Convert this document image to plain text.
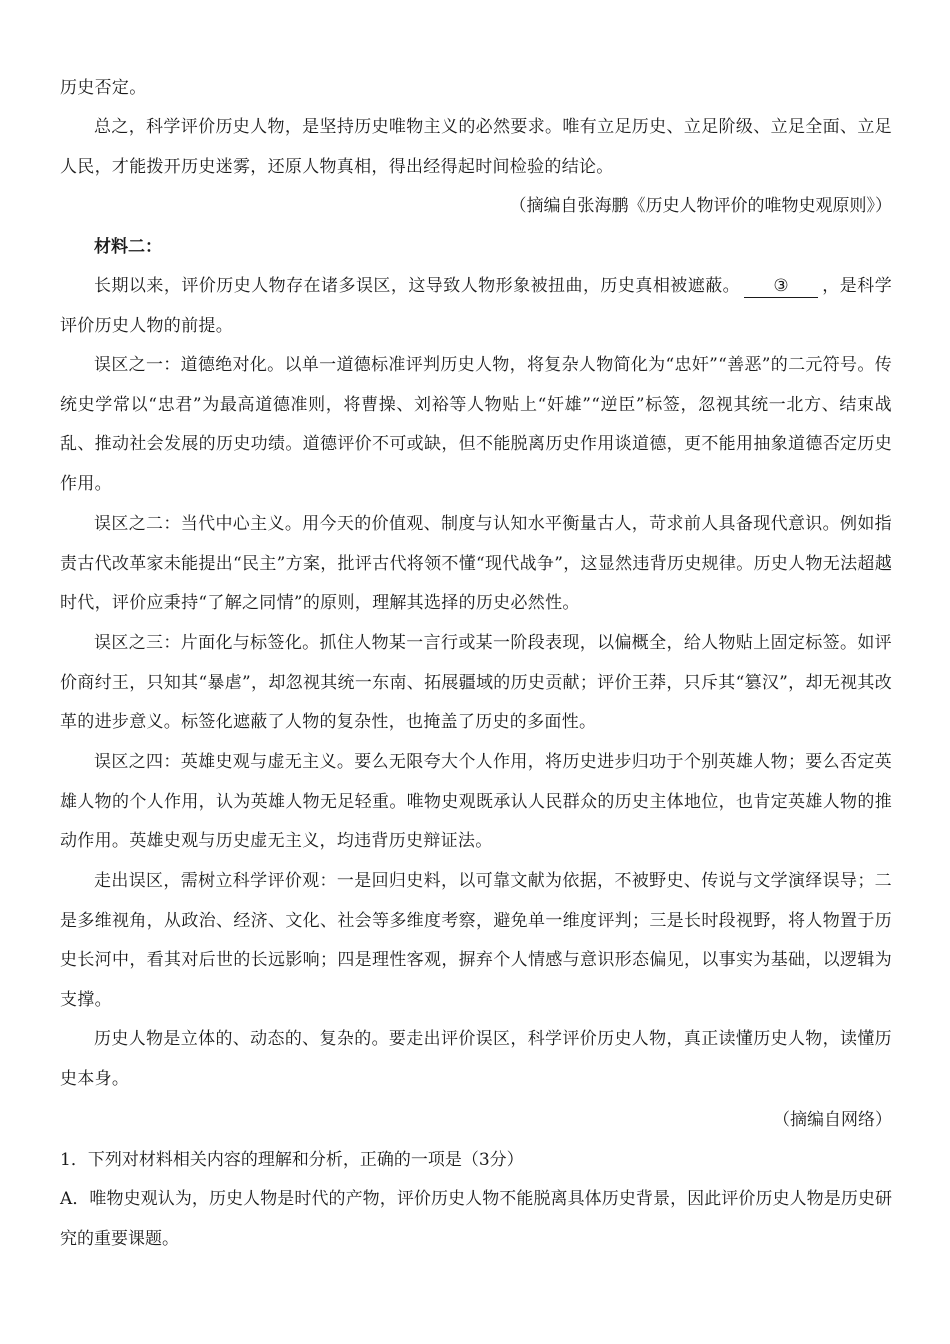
历史否定。

总之，科学评价历史人物，是坚持历史唯物主义的必然要求。唯有立足历史、立足阶级、立足全面、立足人民，才能拨开历史迷雾，还原人物真相，得出经得起时间检验的结论。

（摘编自张海鹏《历史人物评价的唯物史观原则》）

材料二：

长期以来，评价历史人物存在诸多误区，这导致人物形象被扭曲，历史真相被遮蔽。 ③ ，是科学评价历史人物的前提。

误区之一：道德绝对化。以单一道德标准评判历史人物，将复杂人物简化为“忠奸”“善恶”的二元符号。传统史学常以“忠君”为最高道德准则，将曹操、刘裕等人物贴上“奸雄”“逆臣”标签，忽视其统一北方、结束战乱、推动社会发展的历史功绩。道德评价不可或缺，但不能脱离历史作用谈道德，更不能用抽象道德否定历史作用。

误区之二：当代中心主义。用今天的价值观、制度与认知水平衡量古人，苛求前人具备现代意识。例如指责古代改革家未能提出“民主”方案，批评古代将领不懂“现代战争”，这显然违背历史规律。历史人物无法超越时代，评价应秉持“了解之同情”的原则，理解其选择的历史必然性。

误区之三：片面化与标签化。抓住人物某一言行或某一阶段表现，以偏概全，给人物贴上固定标签。如评价商纣王，只知其“暴虐”，却忽视其统一东南、拓展疆域的历史贡献；评价王莽，只斥其“篡汉”，却无视其改革的进步意义。标签化遮蔽了人物的复杂性，也掩盖了历史的多面性。

误区之四：英雄史观与虚无主义。要么无限夸大个人作用，将历史进步归功于个别英雄人物；要么否定英雄人物的个人作用，认为英雄人物无足轻重。唯物史观既承认人民群众的历史主体地位，也肯定英雄人物的推动作用。英雄史观与历史虚无主义，均违背历史辩证法。

走出误区，需树立科学评价观：一是回归史料，以可靠文献为依据，不被野史、传说与文学演绎误导；二是多维视角，从政治、经济、文化、社会等多维度考察，避免单一维度评判；三是长时段视野，将人物置于历史长河中，看其对后世的长远影响；四是理性客观，摒弃个人情感与意识形态偏见，以事实为基础，以逻辑为支撑。

历史人物是立体的、动态的、复杂的。要走出评价误区，科学评价历史人物，真正读懂历史人物，读懂历史本身。

（摘编自网络）

1．下列对材料相关内容的理解和分析，正确的一项是（3分）

A．唯物史观认为，历史人物是时代的产物，评价历史人物不能脱离具体历史背景，因此评价历史人物是历史研究的重要课题。
